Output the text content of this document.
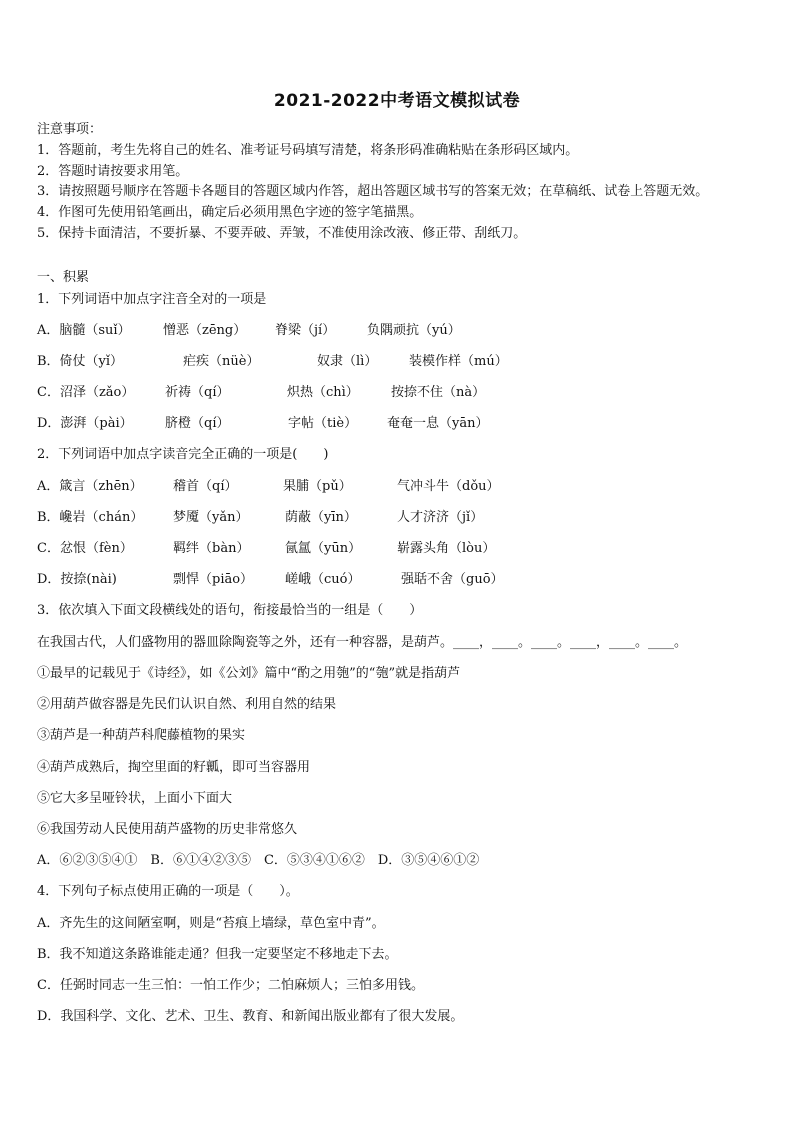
2021-2022中考语文模拟试卷
注意事项：
1．答题前，考生先将自己的姓名、准考证号码填写清楚，将条形码准确粘贴在条形码区域内。
2．答题时请按要求用笔。
3．请按照题号顺序在答题卡各题目的答题区域内作答，超出答题区域书写的答案无效；在草稿纸、试卷上答题无效。
4．作图可先使用铅笔画出，确定后必须用黑色字迹的签字笔描黑。
5．保持卡面清洁，不要折暴、不要弄破、弄皱，不准使用涂改液、修正带、刮纸刀。
一、积累
1．下列词语中加点字注音全对的一项是
A．脑髓（suǐ） 憎恶（zēng） 脊梁（jí） 负隅顽抗（yú）
B．倚仗（yǐ）	疟疾（nüè）	奴隶（lì） 装模作样（mú）
C．沼泽（zǎo） 祈祷（qí）	炽热（chì） 按捺不住（nà）
D．澎湃（pài） 脐橙（qí）	字帖（tiè） 奄奄一息（yān）
2．下列词语中加点字读音完全正确的一项是(　　)
A．箴言（zhēn） 稽首（qí）	果脯（pǔ）	气冲斗牛（dǒu）
B．巉岩（chán） 梦魇（yǎn）	荫蔽（yīn）	人才济济（jǐ）
C．忿恨（fèn）	羁绊（bàn）	氤氲（yūn）	崭露头角（lòu）
D．按捺(nài)	剽悍（piāo） 嵯峨（cuó）	强聒不舍（guō）
3．依次填入下面文段横线处的语句，衔接最恰当的一组是（　　）
在我国古代，人们盛物用的器皿除陶瓷等之外，还有一种容器，是葫芦。____，____。____。____，____。____。
①最早的记载见于《诗经》，如《公刘》篇中“酌之用匏”的“匏”就是指葫芦
②用葫芦做容器是先民们认识自然、利用自然的结果
③葫芦是一种葫芦科爬藤植物的果实
④葫芦成熟后，掏空里面的籽瓤，即可当容器用
⑤它大多呈哑铃状，上面小下面大
⑥我国劳动人民使用葫芦盛物的历史非常悠久
A．⑥②③⑤④①　B．⑥①④②③⑤　C．⑤③④①⑥②　D．③⑤④⑥①②
4．下列句子标点使用正确的一项是（　　）。
A．齐先生的这间陋室啊，则是“苔痕上墙绿，草色室中青”。
B．我不知道这条路谁能走通？但我一定要坚定不移地走下去。
C．任弼时同志一生三怕：一怕工作少；二怕麻烦人；三怕多用钱。
D．我国科学、文化、艺术、卫生、教育、和新闻出版业都有了很大发展。
